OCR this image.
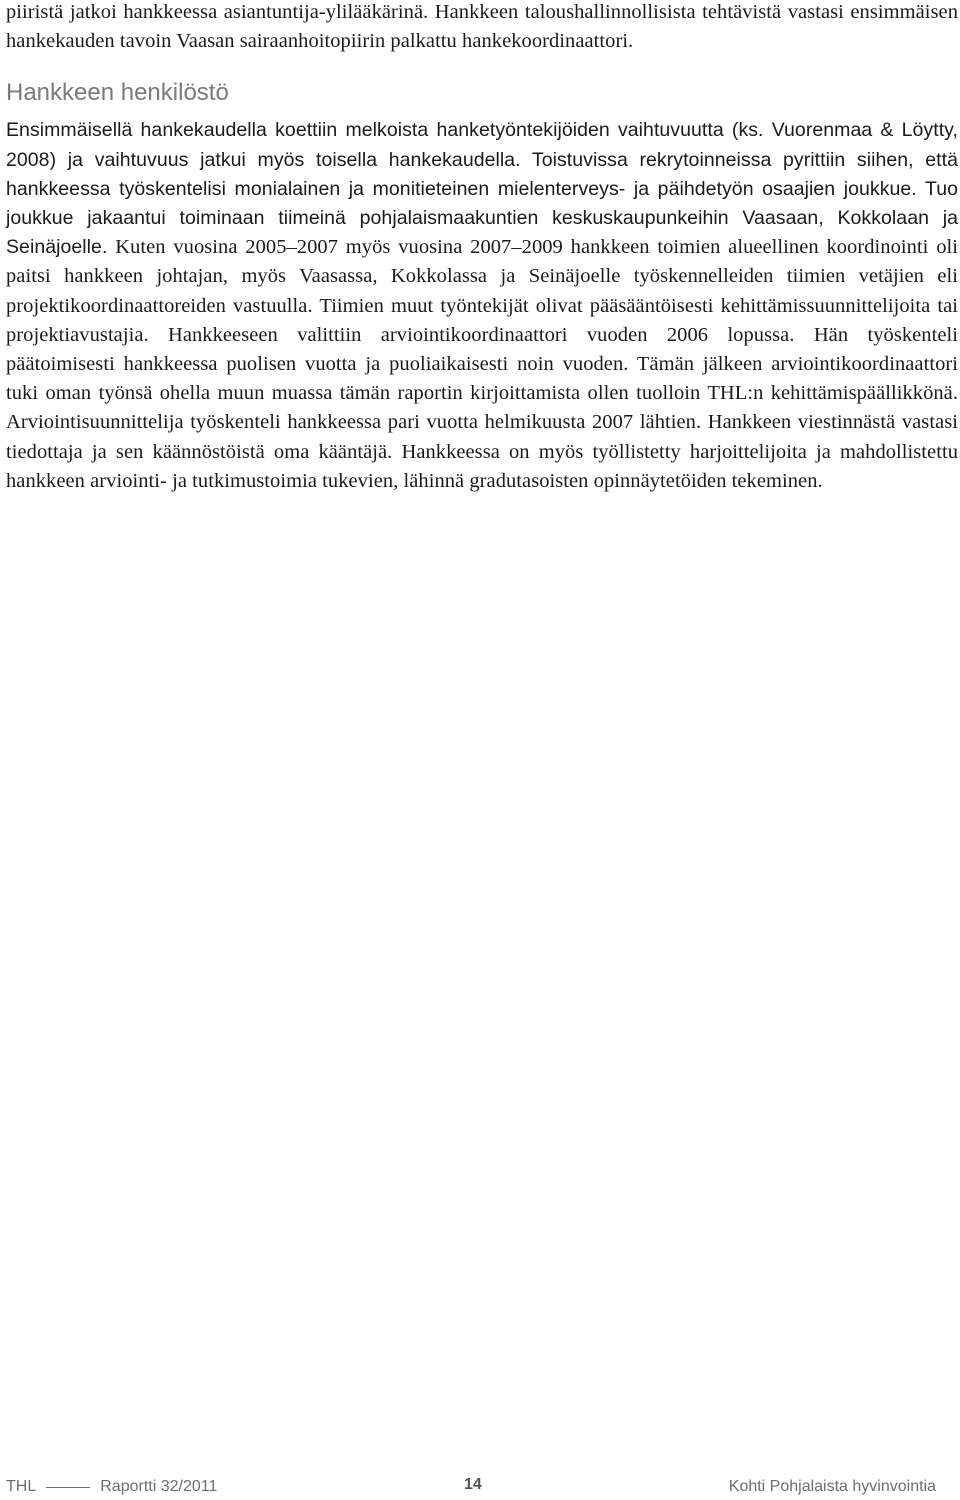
piiristä jatkoi hankkeessa asiantuntija-ylilääkärinä. Hankkeen taloushallinnollisista tehtävistä vastasi ensimmäisen hankekauden tavoin Vaasan sairaanhoitopiirin palkattu hankekoordinaattori.

Hankkeen henkilöstö

Ensimmäisellä hankekaudella koettiin melkoista hanketyöntekijöiden vaihtuvuutta (ks. Vuorenmaa & Löytty, 2008) ja vaihtuvuus jatkui myös toisella hankekaudella. Toistuvissa rekrytoinneissa pyrittiin siihen, että hankkeessa työskentelisi monialainen ja monitieteinen mielenterveys- ja päihdetyön osaajien joukkue. Tuo joukkue jakaantui toiminaan tiimeinä pohjalaismaakuntien keskuskaupunkeihin Vaasaan, Kokkolaan ja Seinäjoelle. Kuten vuosina 2005–2007 myös vuosina 2007–2009 hankkeen toimien alueellinen koordinointi oli paitsi hankkeen johtajan, myös Vaasassa, Kokkolassa ja Seinäjoelle työskennelleiden tiimien vetäjien eli projektikoordinaattoreiden vastuulla. Tiimien muut työntekijät olivat pääsääntöisesti kehittämissuunnittelijoita tai projektiavustajia. Hankkeeseen valittiin arviointikoordinaattori vuoden 2006 lopussa. Hän työskenteli päätoimisesti hankkeessa puolisen vuotta ja puoliaikaisesti noin vuoden. Tämän jälkeen arviointikoordinaattori tuki oman työnsä ohella muun muassa tämän raportin kirjoittamista ollen tuolloin THL:n kehittämispäällikkönä. Arviointisuunnittelija työskenteli hankkeessa pari vuotta helmikuusta 2007 lähtien. Hankkeen viestinnästä vastasi tiedottaja ja sen käännöstöistä oma kääntäjä. Hankkeessa on myös työllistetty harjoittelijoita ja mahdollistettu hankkeen arviointi- ja tutkimustoimia tukevien, lähinnä gradutasoisten opinnäytetöiden tekeminen.

THL	Raportti 32/2011	14	Kohti Pohjalaista hyvinvointia
